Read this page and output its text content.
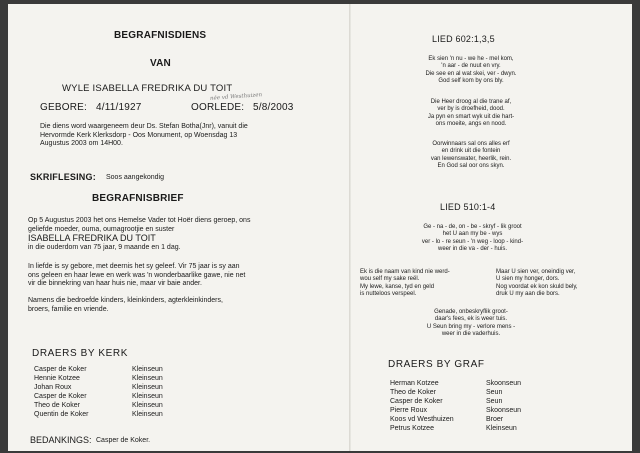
BEGRAFNISDIENS
VAN
WYLE ISABELLA FREDRIKA DU TOIT
née vd Westhuizen
GEBORE: 4/11/1927	OORLEDE: 5/8/2003
Die diens word waargeneem deur Ds. Stefan Botha(Jnr), vanuit die
Hervormde Kerk Klerksdorp - Oos Monument, op Woensdag 13
Augustus 2003 om 14H00.
SKRIFLESING: Soos aangekondig
BEGRAFNISBRIEF
Op 5 Augustus 2003 het ons Hemelse Vader tot Hoër diens geroep, ons
geliefde moeder, ouma, oumagrootjie en suster
ISABELLA FREDRIKA DU TOIT
in die ouderdom van 75 jaar, 9 maande en 1 dag.
In liefde is sy gebore, met deernis het sy geleef. Vir 75 jaar is sy aan
ons geleen en haar lewe en werk was 'n wonderbaarlike gawe, nie net
vir die binnekring van haar huis nie, maar vir baie ander.
Namens die bedroefde kinders, kleinkinders, agterkleinkinders,
broers, familie en vriende.
DRAERS BY KERK
Casper de Koker
Hennie Kotzee
Johan Roux
Casper de Koker
Theo de Koker
Quentin de Koker
Kleinseun
Kleinseun
Kleinseun
Kleinseun
Kleinseun
Kleinseun
BEDANKINGS: Casper de Koker.
LIED 602:1,3,5
Ek sien 'n nu - we he - mel kom,
'n aar - de nuut en vry.
Die see en al wat skei, ver - dwyn.
God self kom by ons bly.
Die Heer droog al die trane af,
ver by is droefheid, dood.
Ja pyn en smart wyk uit die hart-
ons moeite, angs en nood.
Oorwinnaars sal ons alles erf
en drink uit die fontein
van lewenswater, heerlik, rein.
En God sal oor ons skyn.
LIED 510:1-4
Ge - na - de, on - be - skryf - lik groot
het U aan my be - wys
ver - lo - re seun - 'n weg - loop - kind-
weer in die va - der - huis.
Ek is die naam van kind nie werd-
wou self my sake reël.
My lewe, kanse, tyd en geld
is nutteloos verspeel.
Maar U sien ver, oneindig ver,
U sien my honger, dors.
Nog voordat ek kon skuld bely,
druk U my aan die bors.
Genade, onbeskryflik groot-
daar's fees, ek is weer tuis.
U Seun bring my - verlore mens -
weer in die vaderhuis.
DRAERS BY GRAF
Herman Kotzee
Theo de Koker
Casper de Koker
Pierre Roux
Koos vd Westhuizen
Petrus Kotzee
Skoonseun
Seun
Seun
Skoonseun
Broer
Kleinseun
